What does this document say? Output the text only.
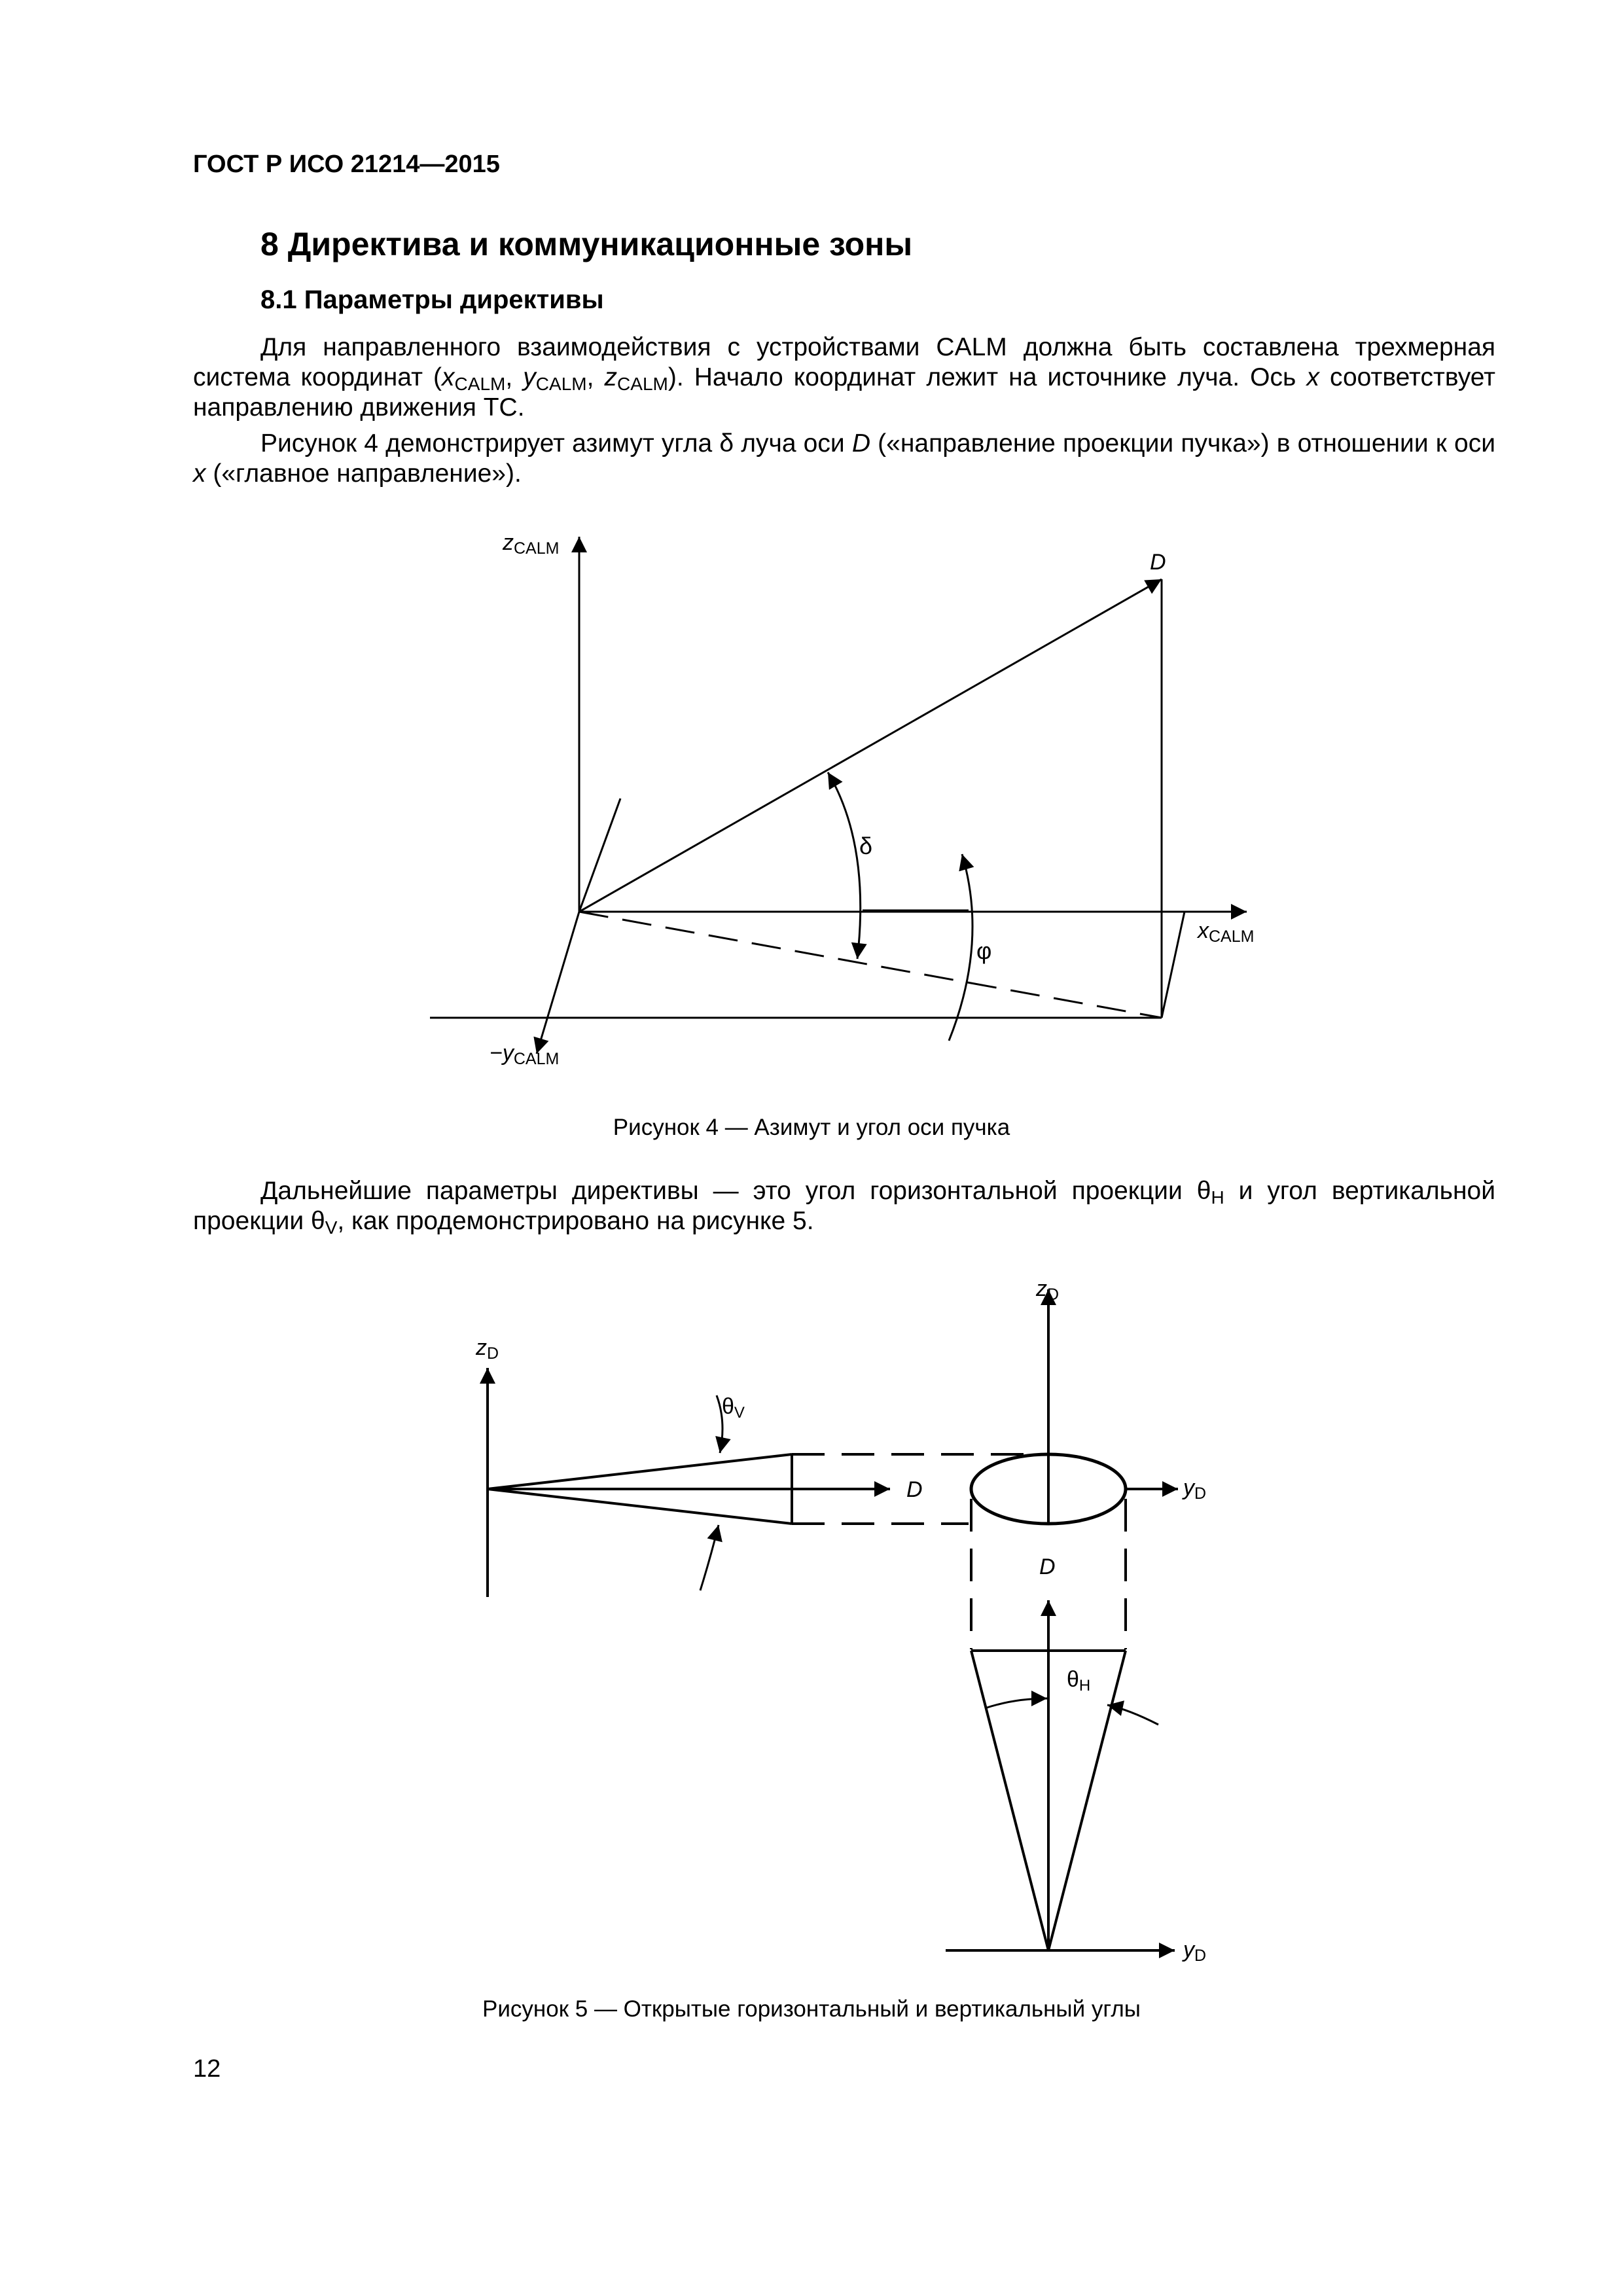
ГОСТ Р ИСО 21214—2015
8 Директива и коммуникационные зоны
8.1 Параметры директивы

Для направленного взаимодействия с устройствами CALM должна быть составлена трехмерная система координат ($x_{CALM}$, $y_{CALM}$, $z_{CALM}$). Начало координат лежит на источнике луча. Ось x соответствует направлению движения ТС.

Рисунок 4 демонстрирует азимут угла δ луча оси D («направление проекции пучка») в отношении к оси x («главное направление»).

zCALM
D
xCALM
−yCALM
δ
φ
Рисунок 4 — Азимут и угол оси пучка

Дальнейшие параметры директивы — это угол горизонтальной проекции $\theta_H$ и угол вертикальной проекции $\theta_V$, как продемонстрировано на рисунке 5.

zD
θV
D
zD
yD
D
θH
yD
Рисунок 5 — Открытые горизонтальный и вертикальный углы
12
